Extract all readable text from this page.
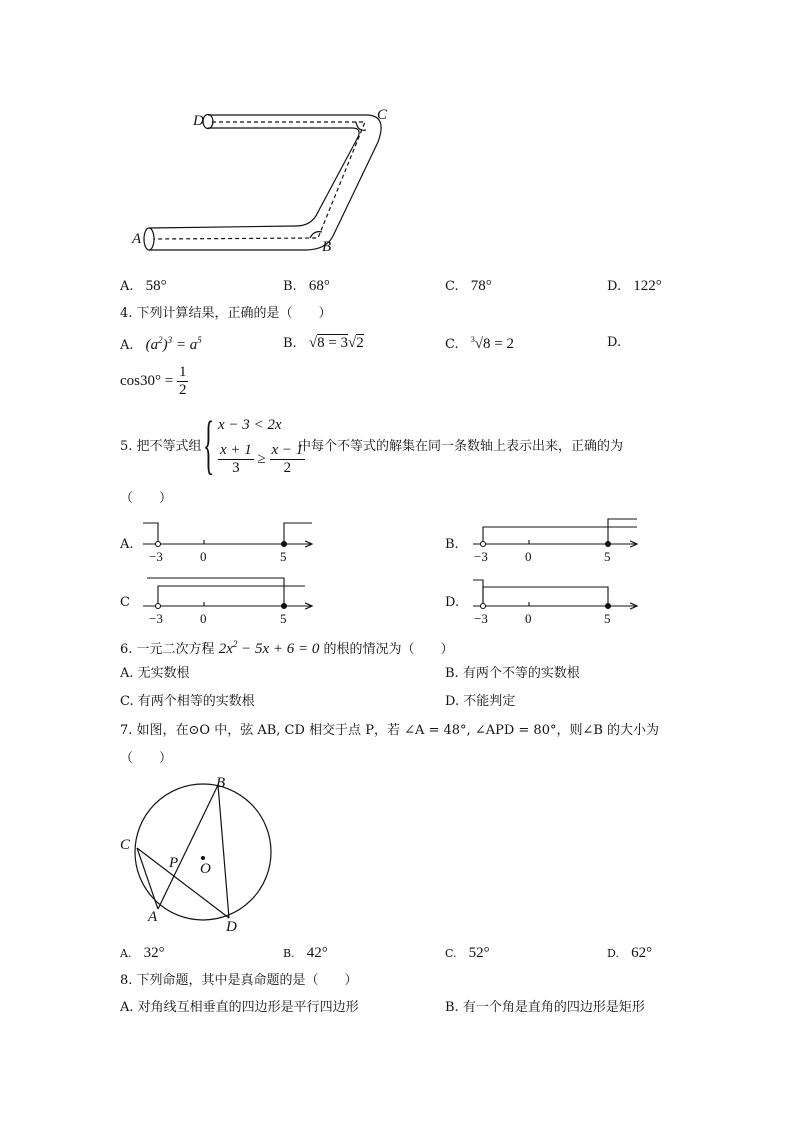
D	C
A	B
A. 58°	B. 68°	C. 78°	D. 122°
4. 下列计算结果，正确的是（　　）
A. $(a^2)^3 = a^5$	B. √8 = 3√2	C. $^3$√8 = 2	D.
$\cos 30^\circ = \frac{1}{2}$
5. 把不等式组 { x − 3 < 2x
$\frac{x + 1}{3} \ge \frac{x - 1}{2}$
中每个不等式的解集在同一条数轴上表示出来，正确的为
（　　）
A.	B.
C	D.
−3	0	5	−3	0	5
−3	0	5	−3	0	5
6. 一元二次方程 $2x^2 - 5x + 6 = 0$ 的根的情况为（　　）
A. 无实数根	B. 有两个不等的实数根
C. 有两个相等的实数根	D. 不能判定
7. 如图，在⊙O 中，弦 AB, CD 相交于点 P，若 ∠A = 48°, ∠APD = 80°，则∠B 的大小为
（　　）
B
C
P O
A
D
A. 32°	B. 42°	C. 52°	D. 62°
8. 下列命题，其中是真命题的是（　　）
A. 对角线互相垂直的四边形是平行四边形	B. 有一个角是直角的四边形是矩形
